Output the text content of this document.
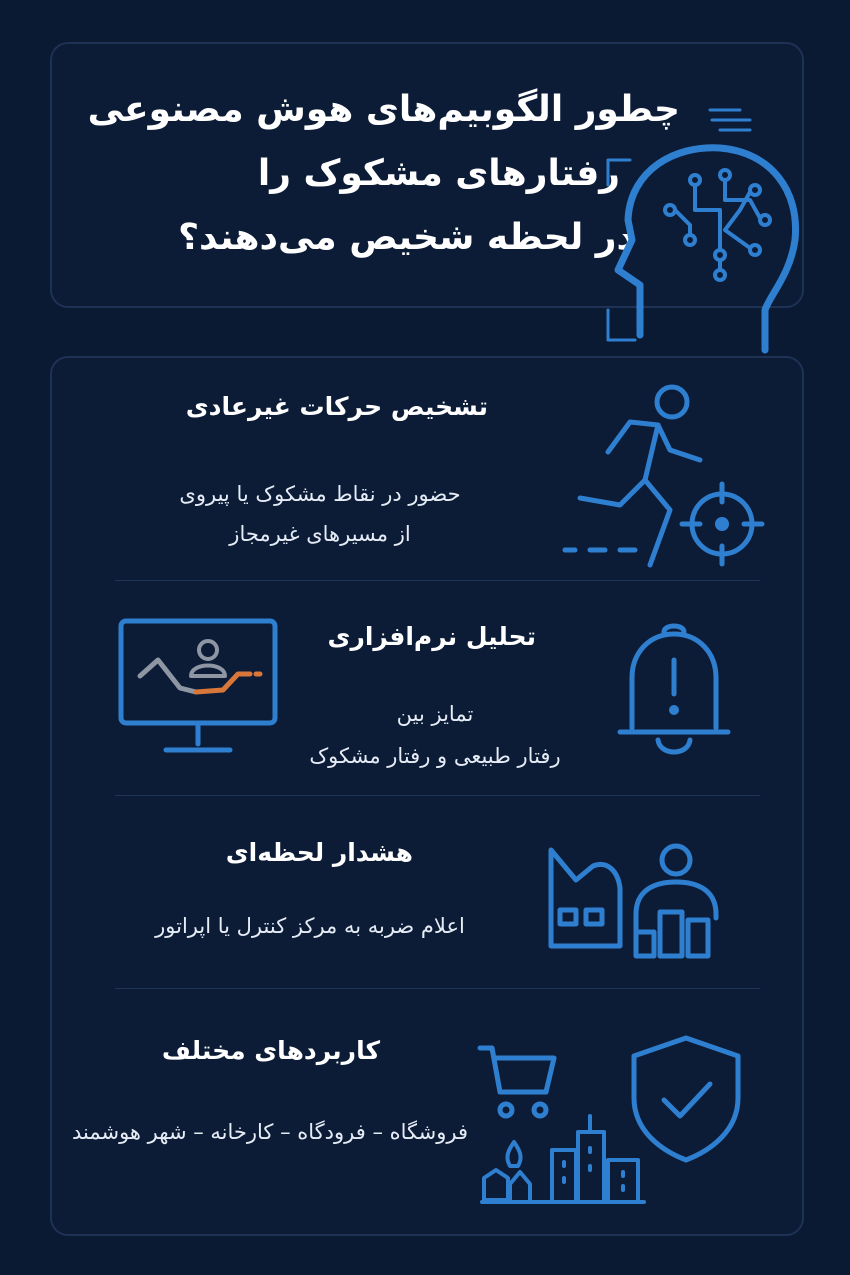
چطور الگوبیم‌های هوش مصنوعی
رفتارهای مشکوک را
در لحظه شخیص می‌دهند؟
تشخیص حرکات غیرعادی
حضور در نقاط مشکوک یا پیروی
از مسیرهای غیرمجاز
تحلیل نرم‌افزاری
تمایز بین
رفتار طبیعی و رفتار مشکوک
هشدار لحظه‌ای
اعلام ضربه به مرکز کنترل یا اپراتور
کاربردهای مختلف
فروشگاه – فرودگاه – کارخانه – شهر هوشمند
